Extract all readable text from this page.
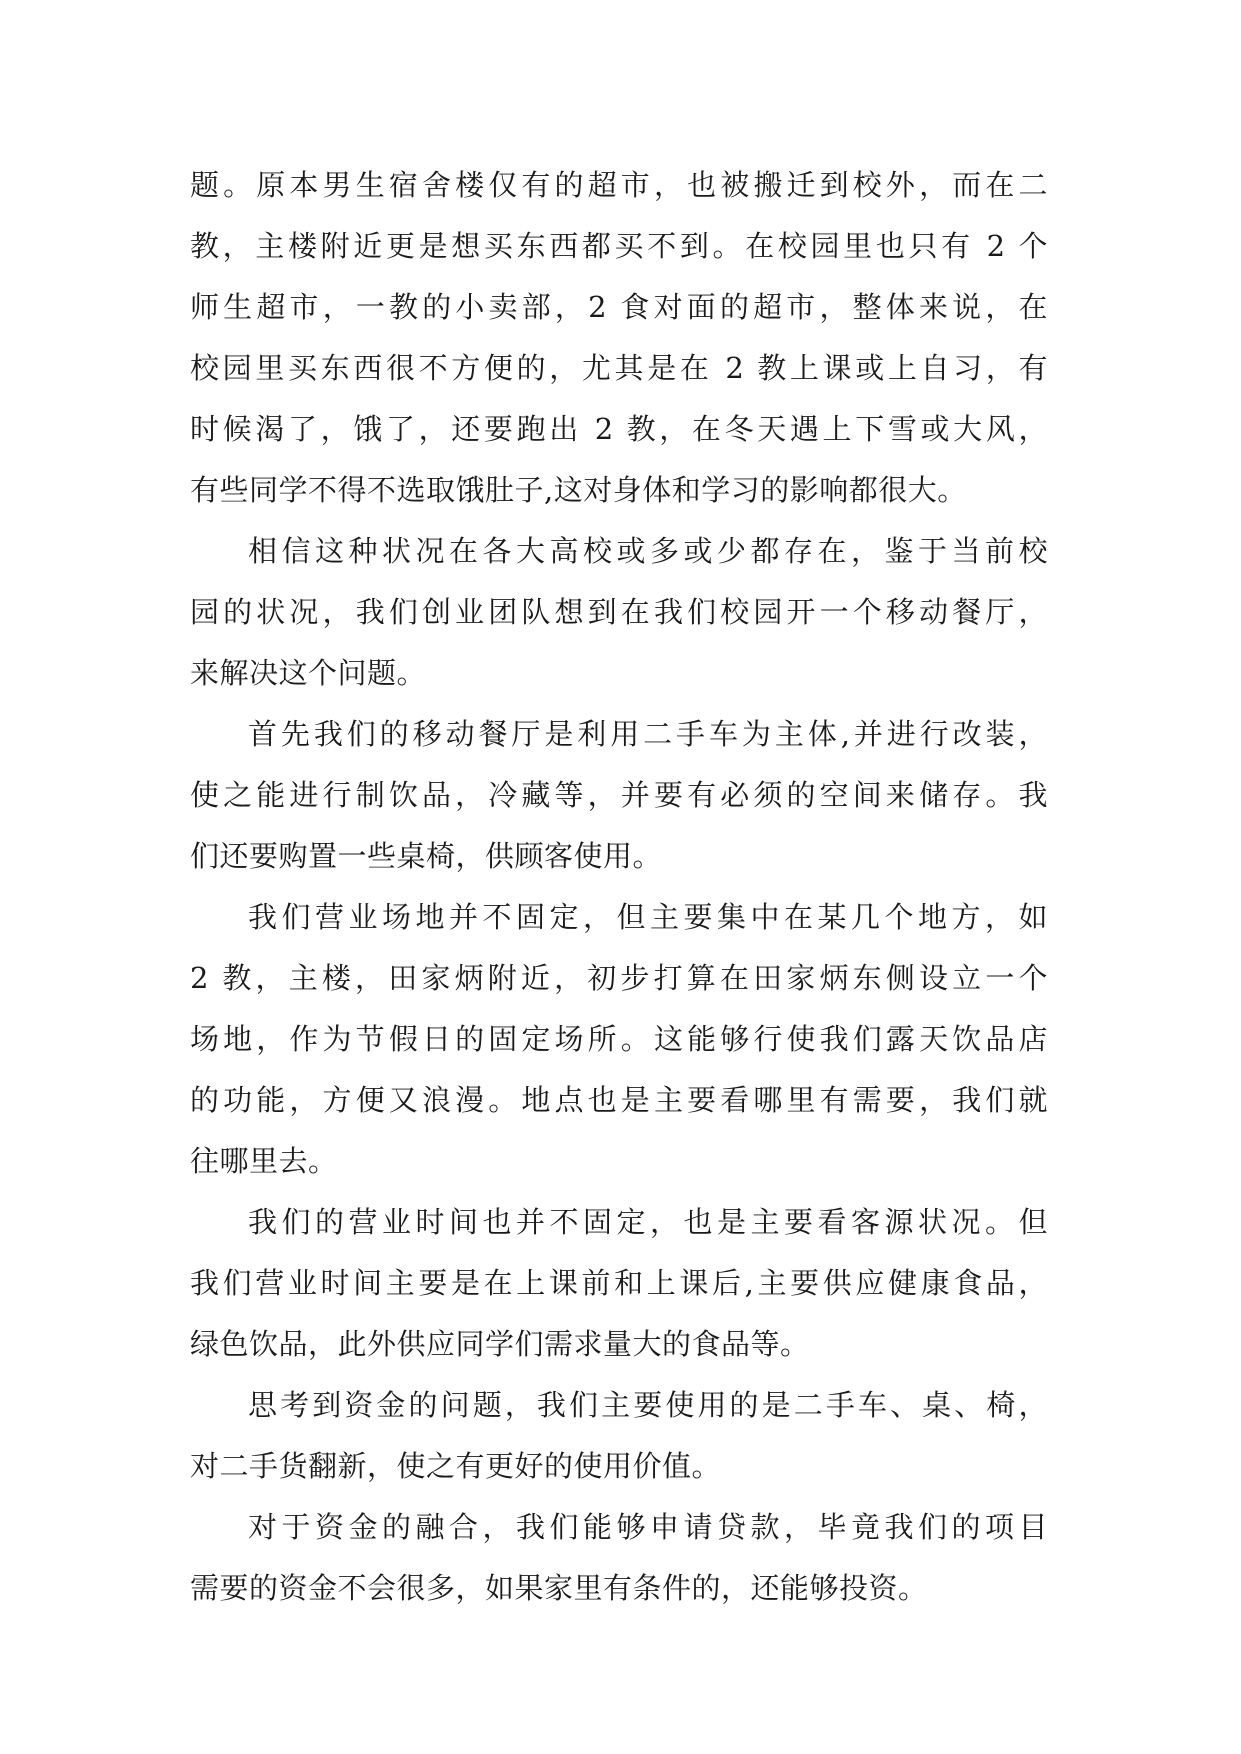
题。原本男生宿舍楼仅有的超市，也被搬迁到校外，而在二
教，主楼附近更是想买东西都买不到。在校园里也只有 2 个
师生超市，一教的小卖部，2 食对面的超市，整体来说，在
校园里买东西很不方便的，尤其是在 2 教上课或上自习，有
时候渴了，饿了，还要跑出 2 教，在冬天遇上下雪或大风，
有些同学不得不选取饿肚子,这对身体和学习的影响都很大。

相信这种状况在各大高校或多或少都存在，鉴于当前校
园的状况，我们创业团队想到在我们校园开一个移动餐厅，
来解决这个问题。

首先我们的移动餐厅是利用二手车为主体,并进行改装，
使之能进行制饮品，冷藏等，并要有必须的空间来储存。我
们还要购置一些桌椅，供顾客使用。

我们营业场地并不固定，但主要集中在某几个地方，如
2 教，主楼，田家炳附近，初步打算在田家炳东侧设立一个
场地，作为节假日的固定场所。这能够行使我们露天饮品店
的功能，方便又浪漫。地点也是主要看哪里有需要，我们就
往哪里去。

我们的营业时间也并不固定，也是主要看客源状况。但
我们营业时间主要是在上课前和上课后,主要供应健康食品，
绿色饮品，此外供应同学们需求量大的食品等。

思考到资金的问题，我们主要使用的是二手车、桌、椅，
对二手货翻新，使之有更好的使用价值。

对于资金的融合，我们能够申请贷款，毕竟我们的项目
需要的资金不会很多，如果家里有条件的，还能够投资。
